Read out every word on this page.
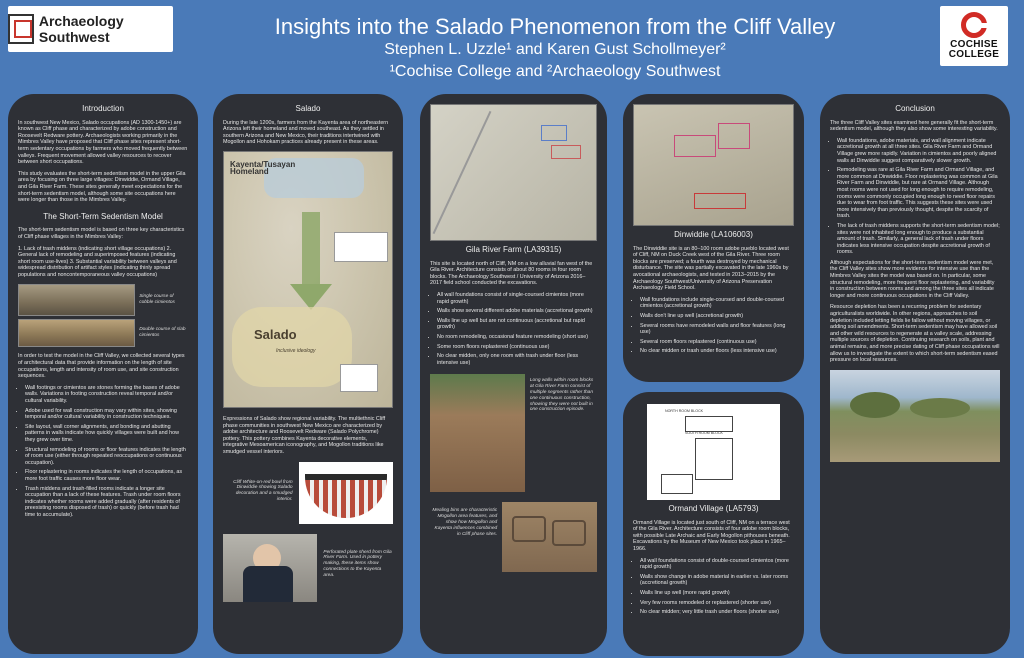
Archaeology Southwest	COCHISE
COLLEGE
Insights into the Salado Phenomenon from the Cliff Valley
Stephen L. Uzzle¹ and Karen Gust Schollmeyer²
¹Cochise College and ²Archaeology Southwest
Introduction

In southwest New Mexico, Salado occupations (AD 1300-1450+) are known as Cliff phase and characterized by adobe construction and Roosevelt Redware pottery. Archaeologists working primarily in the Mimbres Valley have proposed that Cliff phase sites represent short-term sedentary occupations by farmers who moved frequently between valleys. Frequent movement allowed valley resources to recover between short occupations.

This study evaluates the short-term sedentism model in the upper Gila area by focusing on three large villages: Dinwiddie, Ormand Village, and Gila River Farm. These sites generally meet expectations for the short-term sedentism model, although some site occupations here were longer than those in the Mimbres Valley.

The Short-Term Sedentism Model

The short-term sedentism model is based on three key characteristics of Cliff phase villages in the Mimbres Valley:

1. Lack of trash middens (indicating short village occupations) 2. General lack of remodeling and superimposed features (indicating short room use-lives) 3. Substantial variability between valleys and widespread distribution of artifact styles (indicating thinly spread populations and noncontemporaneous valley occupations)

Single course of cobble cimientos
Double course of slab cimientos

In order to test the model in the Cliff Valley, we collected several types of architectural data that provide information on the length of site occupations, length and intensity of room use, and site construction sequences.

• Wall footings or cimientos are stones forming the bases of adobe walls. Variations in footing construction reveal temporal and/or cultural variability.
• Adobe used for wall construction may vary within sites, showing temporal and/or cultural variability in construction techniques.
• Site layout, wall corner alignments, and bonding and abutting patterns in walls indicate how quickly villages were built and how they grew over time.
• Structural remodeling of rooms or floor features indicates the length of room use (either through repeated reoccupations or continuous occupation).
• Floor replastering in rooms indicates the length of occupations, as more foot traffic causes more floor wear.
• Trash middens and trash-filled rooms indicate a longer site occupation than a lack of these features. Trash under room floors indicates whether rooms were added gradually (after residents of preexisting rooms disposed of trash) or quickly (before trash had time to accumulate).
Salado

During the late 1200s, farmers from the Kayenta area of northeastern Arizona left their homeland and moved southeast. As they settled in southern Arizona and New Mexico, their traditions intertwined with Mogollon and Hohokam practices already present in these areas.

Kayenta/Tusayan Homeland
Salado
Inclusive ideology

Expressions of Salado show regional variability. The multiethnic Cliff phase communities in southwest New Mexico are characterized by adobe architecture and Roosevelt Redware (Salado Polychrome) pottery. This pottery combines Kayenta decorative elements, integrative Mesoamerican iconography, and Mogollon traditions like smudged vessel interiors.

Cliff White-on-red bowl from Dinwiddie showing Salado decoration and a smudged interior.
Perforated plate sherd from Gila River Farm. Used in pottery making, these items show connections to the Kayenta area.
Gila River Farm (LA39315)

This site is located north of Cliff, NM on a low alluvial fan west of the Gila River. Architecture consists of about 80 rooms in four room blocks. The Archaeology Southwest / University of Arizona 2016–2017 field school conducted the excavations.

• All wall foundations consist of single-coursed cimientos (more rapid growth)
• Walls show several different adobe materials (accretional growth)
• Walls line up well but are not continuous (accretional but rapid growth)
• No room remodeling, occasional feature remodeling (short use)
• Some room floors replastered (continuous use)
• No clear midden, only one room with trash under floor (less intensive use)
Long walls within room blocks at Gila River Farm consist of multiple segments rather than one continuous construction, showing they were not built in one construction episode.
Mealing bins are characteristic Mogollon area features, and show how Mogollon and Kayenta influences combined in Cliff phase sites.
Dinwiddie (LA106003)

The Dinwiddie site is an 80–100 room adobe pueblo located west of Cliff, NM on Duck Creek west of the Gila River. Three room blocks are preserved; a fourth was destroyed by mechanical disturbance. The site was partially excavated in the late 1960s by avocational archaeologists, and tested in 2013–2015 by the Archaeology Southwest/University of Arizona Preservation Archaeology Field School.

• Wall foundations include single-coursed and double-coursed cimientos (accretional growth)
• Walls don't line up well (accretional growth)
• Several rooms have remodeled walls and floor features (long use)
• Several room floors replastered (continuous use)
• No clear midden or trash under floors (less intensive use)
NORTH ROOM BLOCK
SOUTH ROOM BLOCK
Ormand Village (LA5793)

Ormand Village is located just south of Cliff, NM on a terrace west of the Gila River. Architecture consists of four adobe room blocks, with possible Late Archaic and Early Mogollon pithouses beneath. Excavations by the Museum of New Mexico took place in 1965–1966.

• All wall foundations consist of double-coursed cimientos (more rapid growth)
• Walls show change in adobe material in earlier vs. later rooms (accretional growth)
• Walls line up well (more rapid growth)
• Very few rooms remodeled or replastered (shorter use)
• No clear midden; very little trash under floors (shorter use)
Conclusion

The three Cliff Valley sites examined here generally fit the short-term sedentism model, although they also show some interesting variability.

• Wall foundations, adobe materials, and wall alignment indicate accretional growth at all three sites. Gila River Farm and Ormand Village grew more rapidly. Variation in cimientos and poorly aligned walls at Dinwiddie suggest comparatively slower growth.
• Remodeling was rare at Gila River Farm and Ormand Village, and more common at Dinwiddie. Floor replastering was common at Gila River Farm and Dinwiddie, but rare at Ormand Village. Although most rooms were not used for long enough to require remodeling, rooms were commonly occupied long enough to need floor repairs due to wear from foot traffic. This suggests these sites were used more intensively than previously thought, despite the scarcity of trash.
• The lack of trash middens supports the short-term sedentism model; sites were not inhabited long enough to produce a substantial amount of trash. Similarly, a general lack of trash under floors indicates less intensive occupation despite accretional growth of rooms.

Although expectations for the short-term sedentism model were met, the Cliff Valley sites show more evidence for intensive use than the Mimbres Valley sites the model was based on. In particular, some structural remodeling, more frequent floor replastering, and variability in construction between rooms and among the three sites all indicate longer and more continuous occupations in the Cliff Valley.

Resource depletion has been a recurring problem for sedentary agriculturalists worldwide. In other regions, approaches to soil depletion included letting fields lie fallow without moving villages, or adding soil amendments. Short-term sedentism may have allowed soil and other wild resources to regenerate at a valley scale, addressing multiple sources of depletion. Continuing research on soils, plant and animal remains, and more precise dating of Cliff phase occupations will allow us to investigate the extent to which short-term sedentism eased pressure on local resources.
